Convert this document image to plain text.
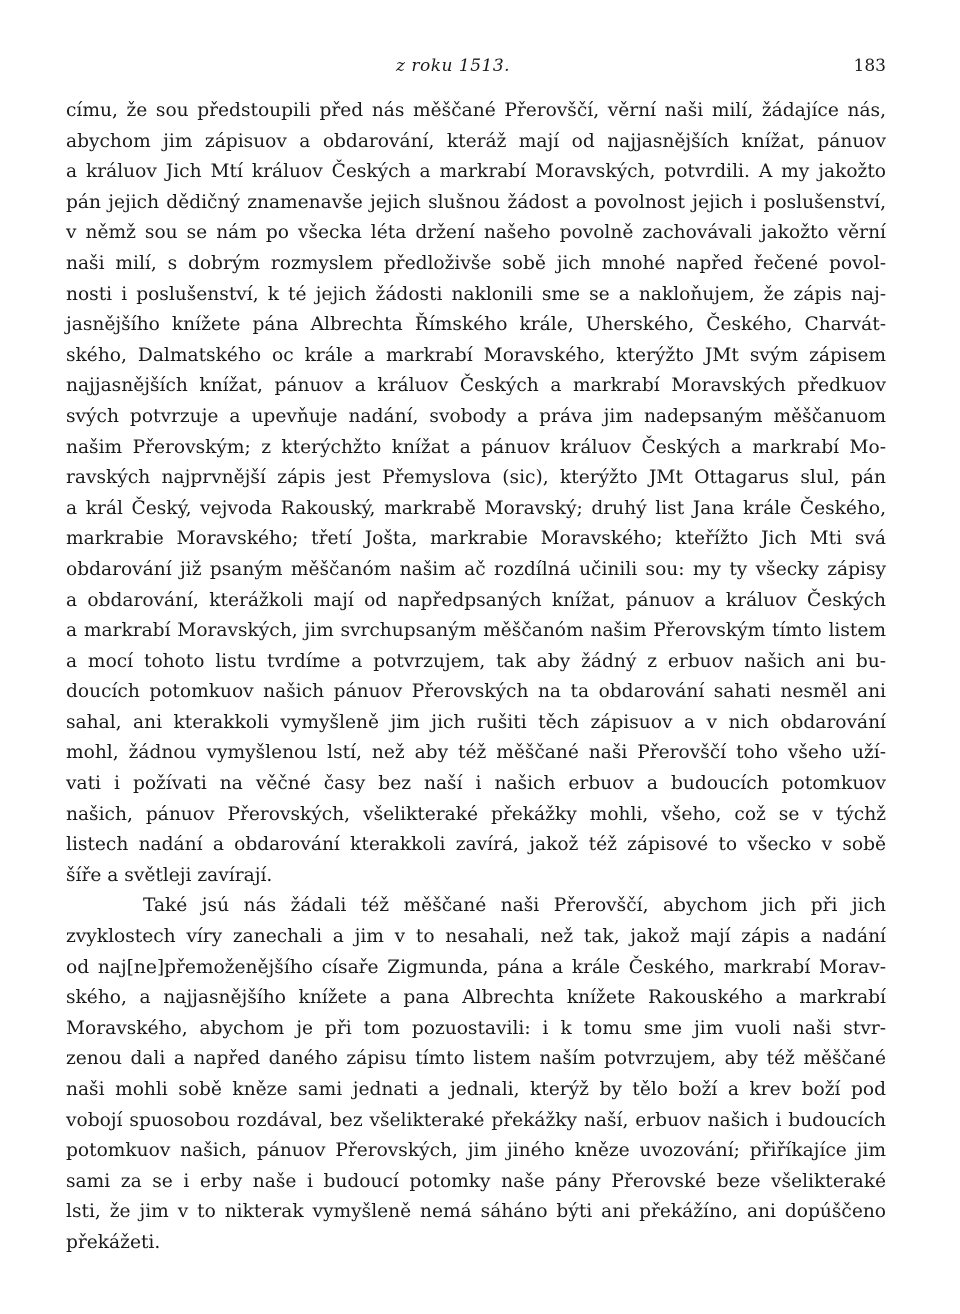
z roku 1513.	183
címu, že sou předstoupili před nás měščané Přerovščí, věrní naši milí, žádajíce nás,
abychom jim zápisuov a obdarování, kteráž mají od najjasnějších knížat, pánuov
a králuov Jich Mtí králuov Českých a markrabí Moravských, potvrdili. A my jakožto
pán jejich dědičný znamenavše jejich slušnou žádost a povolnost jejich i poslušenství,
v němž sou se nám po všecka léta držení našeho povolně zachovávali jakožto věrní
naši milí, s dobrým rozmyslem předloživše sobě jich mnohé napřed řečené povol-
nosti i poslušenství, k té jejich žádosti naklonili sme se a nakloňujem, že zápis naj-
jasnějšího knížete pána Albrechta Římského krále, Uherského, Českého, Charvát-
ského, Dalmatského oc krále a markrabí Moravského, kterýžto JMt svým zápisem
najjasnějších knížat, pánuov a králuov Českých a markrabí Moravských předkuov
svých potvrzuje a upevňuje nadání, svobody a práva jim nadepsaným měščanuom
našim Přerovským; z kterýchžto knížat a pánuov králuov Českých a markrabí Mo-
ravských najprvnější zápis jest Přemyslova (sic), kterýžto JMt Ottagarus slul, pán
a král Český, vejvoda Rakouský, markrabě Moravský; druhý list Jana krále Českého,
markrabie Moravského; třetí Jošta, markrabie Moravského; kteřížto Jich Mti svá
obdarování již psaným měščanóm našim ač rozdílná učinili sou: my ty všecky zápisy
a obdarování, kterážkoli mají od napředpsaných knížat, pánuov a králuov Českých
a markrabí Moravských, jim svrchupsaným měščanóm našim Přerovským tímto listem
a mocí tohoto listu tvrdíme a potvrzujem, tak aby žádný z erbuov našich ani bu-
doucích potomkuov našich pánuov Přerovských na ta obdarování sahati nesměl ani
sahal, ani kterakkoli vymyšleně jim jich rušiti těch zápisuov a v nich obdarování
mohl, žádnou vymyšlenou lstí, než aby též měščané naši Přerovščí toho všeho uží-
vati i požívati na věčné časy bez naší i našich erbuov a budoucích potomkuov
našich, pánuov Přerovských, všelikteraké překážky mohli, všeho, což se v týchž
listech nadání a obdarování kterakkoli zavírá, jakož též zápisové to všecko v sobě
šíře a světleji zavírají.
Také jsú nás žádali též měščané naši Přerovščí, abychom jich při jich
zvyklostech víry zanechali a jim v to nesahali, než tak, jakož mají zápis a nadání
od naj[ne]přemoženějšího císaře Zigmunda, pána a krále Českého, markrabí Morav-
ského, a najjasnějšího knížete a pana Albrechta knížete Rakouského a markrabí
Moravského, abychom je při tom pozuostavili: i k tomu sme jim vuoli naši stvr-
zenou dali a napřed daného zápisu tímto listem naším potvrzujem, aby též měščané
naši mohli sobě kněze sami jednati a jednali, kterýž by tělo boží a krev boží pod
vobojí spuosobou rozdával, bez všelikteraké překážky naší, erbuov našich i budoucích
potomkuov našich, pánuov Přerovských, jim jiného kněze uvozování; přiříkajíce jim
sami za se i erby naše i budoucí potomky naše pány Přerovské beze všelikteraké
lsti, že jim v to nikterak vymyšleně nemá sáháno býti ani překážíno, ani dopúščeno
překážeti.
